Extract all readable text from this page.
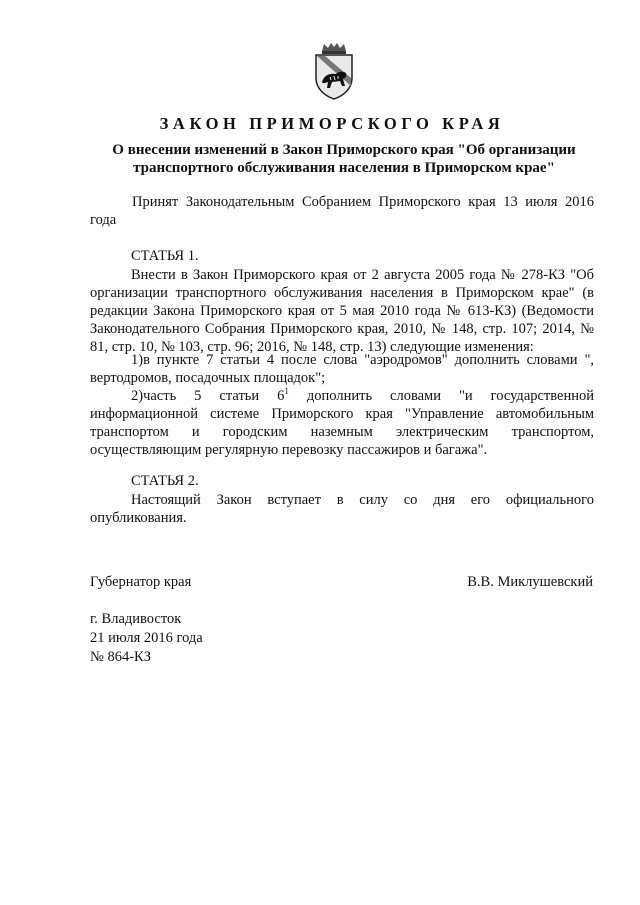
ЗАКОН ПРИМОРСКОГО КРАЯ
О внесении изменений в Закон Приморского края "Об организации
транспортного обслуживания населения в Приморском крае"
Принят Законодательным Собранием Приморского края 13 июля 2016 года
СТАТЬЯ 1.
Внести в Закон Приморского края от 2 августа 2005 года № 278-КЗ "Об организации транспортного обслуживания населения в Приморском крае" (в редакции Закона Приморского края от 5 мая 2010 года № 613-КЗ) (Ведомости Законодательного Собрания Приморского края, 2010, № 148, стр. 107; 2014, № 81, стр. 10, № 103, стр. 96; 2016, № 148, стр. 13) следующие изменения:
1)в пункте 7 статьи 4 после слова "аэродромов" дополнить словами ", вертодромов, посадочных площадок";
2)часть 5 статьи $6^1$ дополнить словами "и государственной информационной системе Приморского края "Управление автомобильным транспортом и городским наземным электрическим транспортом, осуществляющим регулярную перевозку пассажиров и багажа".
СТАТЬЯ 2.
Настоящий Закон вступает в силу со дня его официального опубликования.
Губернатор края	В.В. Миклушевский
г. Владивосток
21 июля 2016 года
№ 864-КЗ
